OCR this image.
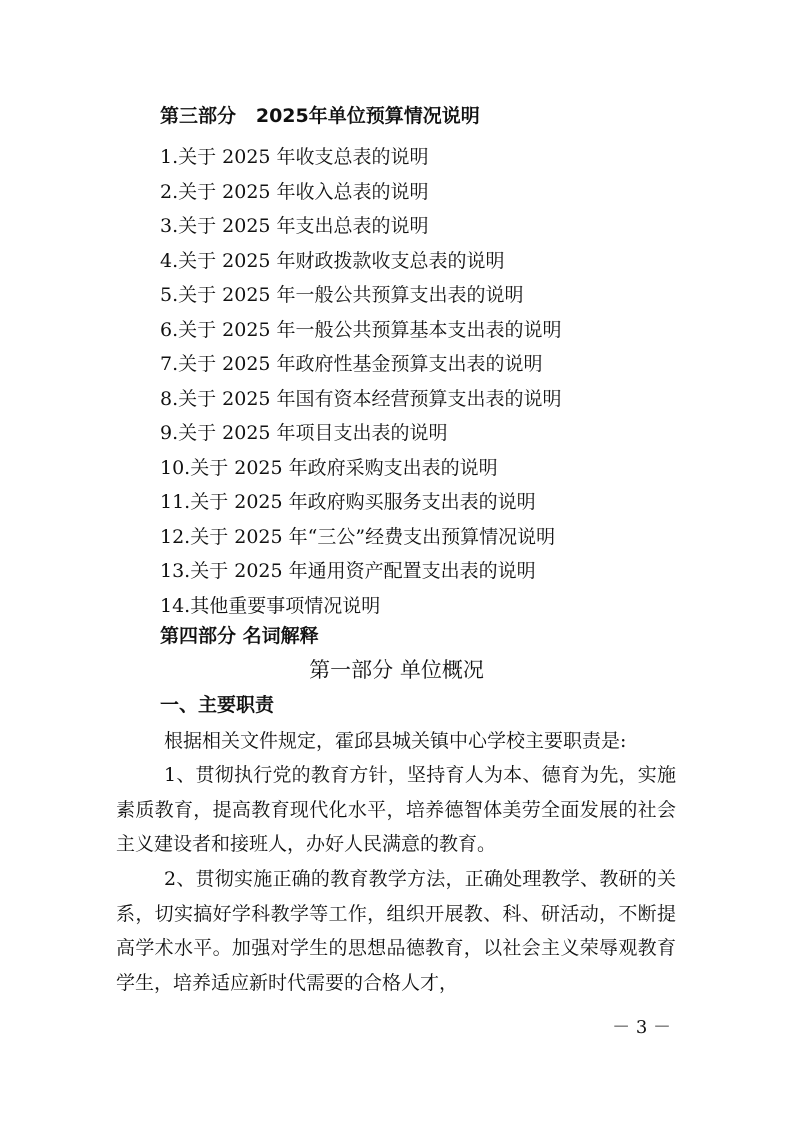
第三部分   2025年单位预算情况说明
1.关于 2025 年收支总表的说明
2.关于 2025 年收入总表的说明
3.关于 2025 年支出总表的说明
4.关于 2025 年财政拨款收支总表的说明
5.关于 2025 年一般公共预算支出表的说明
6.关于 2025 年一般公共预算基本支出表的说明
7.关于 2025 年政府性基金预算支出表的说明
8.关于 2025 年国有资本经营预算支出表的说明
9.关于 2025 年项目支出表的说明
10.关于 2025 年政府采购支出表的说明
11.关于 2025 年政府购买服务支出表的说明
12.关于 2025 年“三公”经费支出预算情况说明
13.关于 2025 年通用资产配置支出表的说明
14.其他重要事项情况说明
第四部分 名词解释
第一部分 单位概况
一、主要职责

根据相关文件规定，霍邱县城关镇中心学校主要职责是:

1、贯彻执行党的教育方针，坚持育人为本、德育为先，实施素质教育，提高教育现代化水平，培养德智体美劳全面发展的社会主义建设者和接班人，办好人民满意的教育。

2、贯彻实施正确的教育教学方法，正确处理教学、教研的关系，切实搞好学科教学等工作，组织开展教、科、研活动，不断提高学术水平。加强对学生的思想品德教育，以社会主义荣辱观教育学生，培养适应新时代需要的合格人才，

－ 3 －
